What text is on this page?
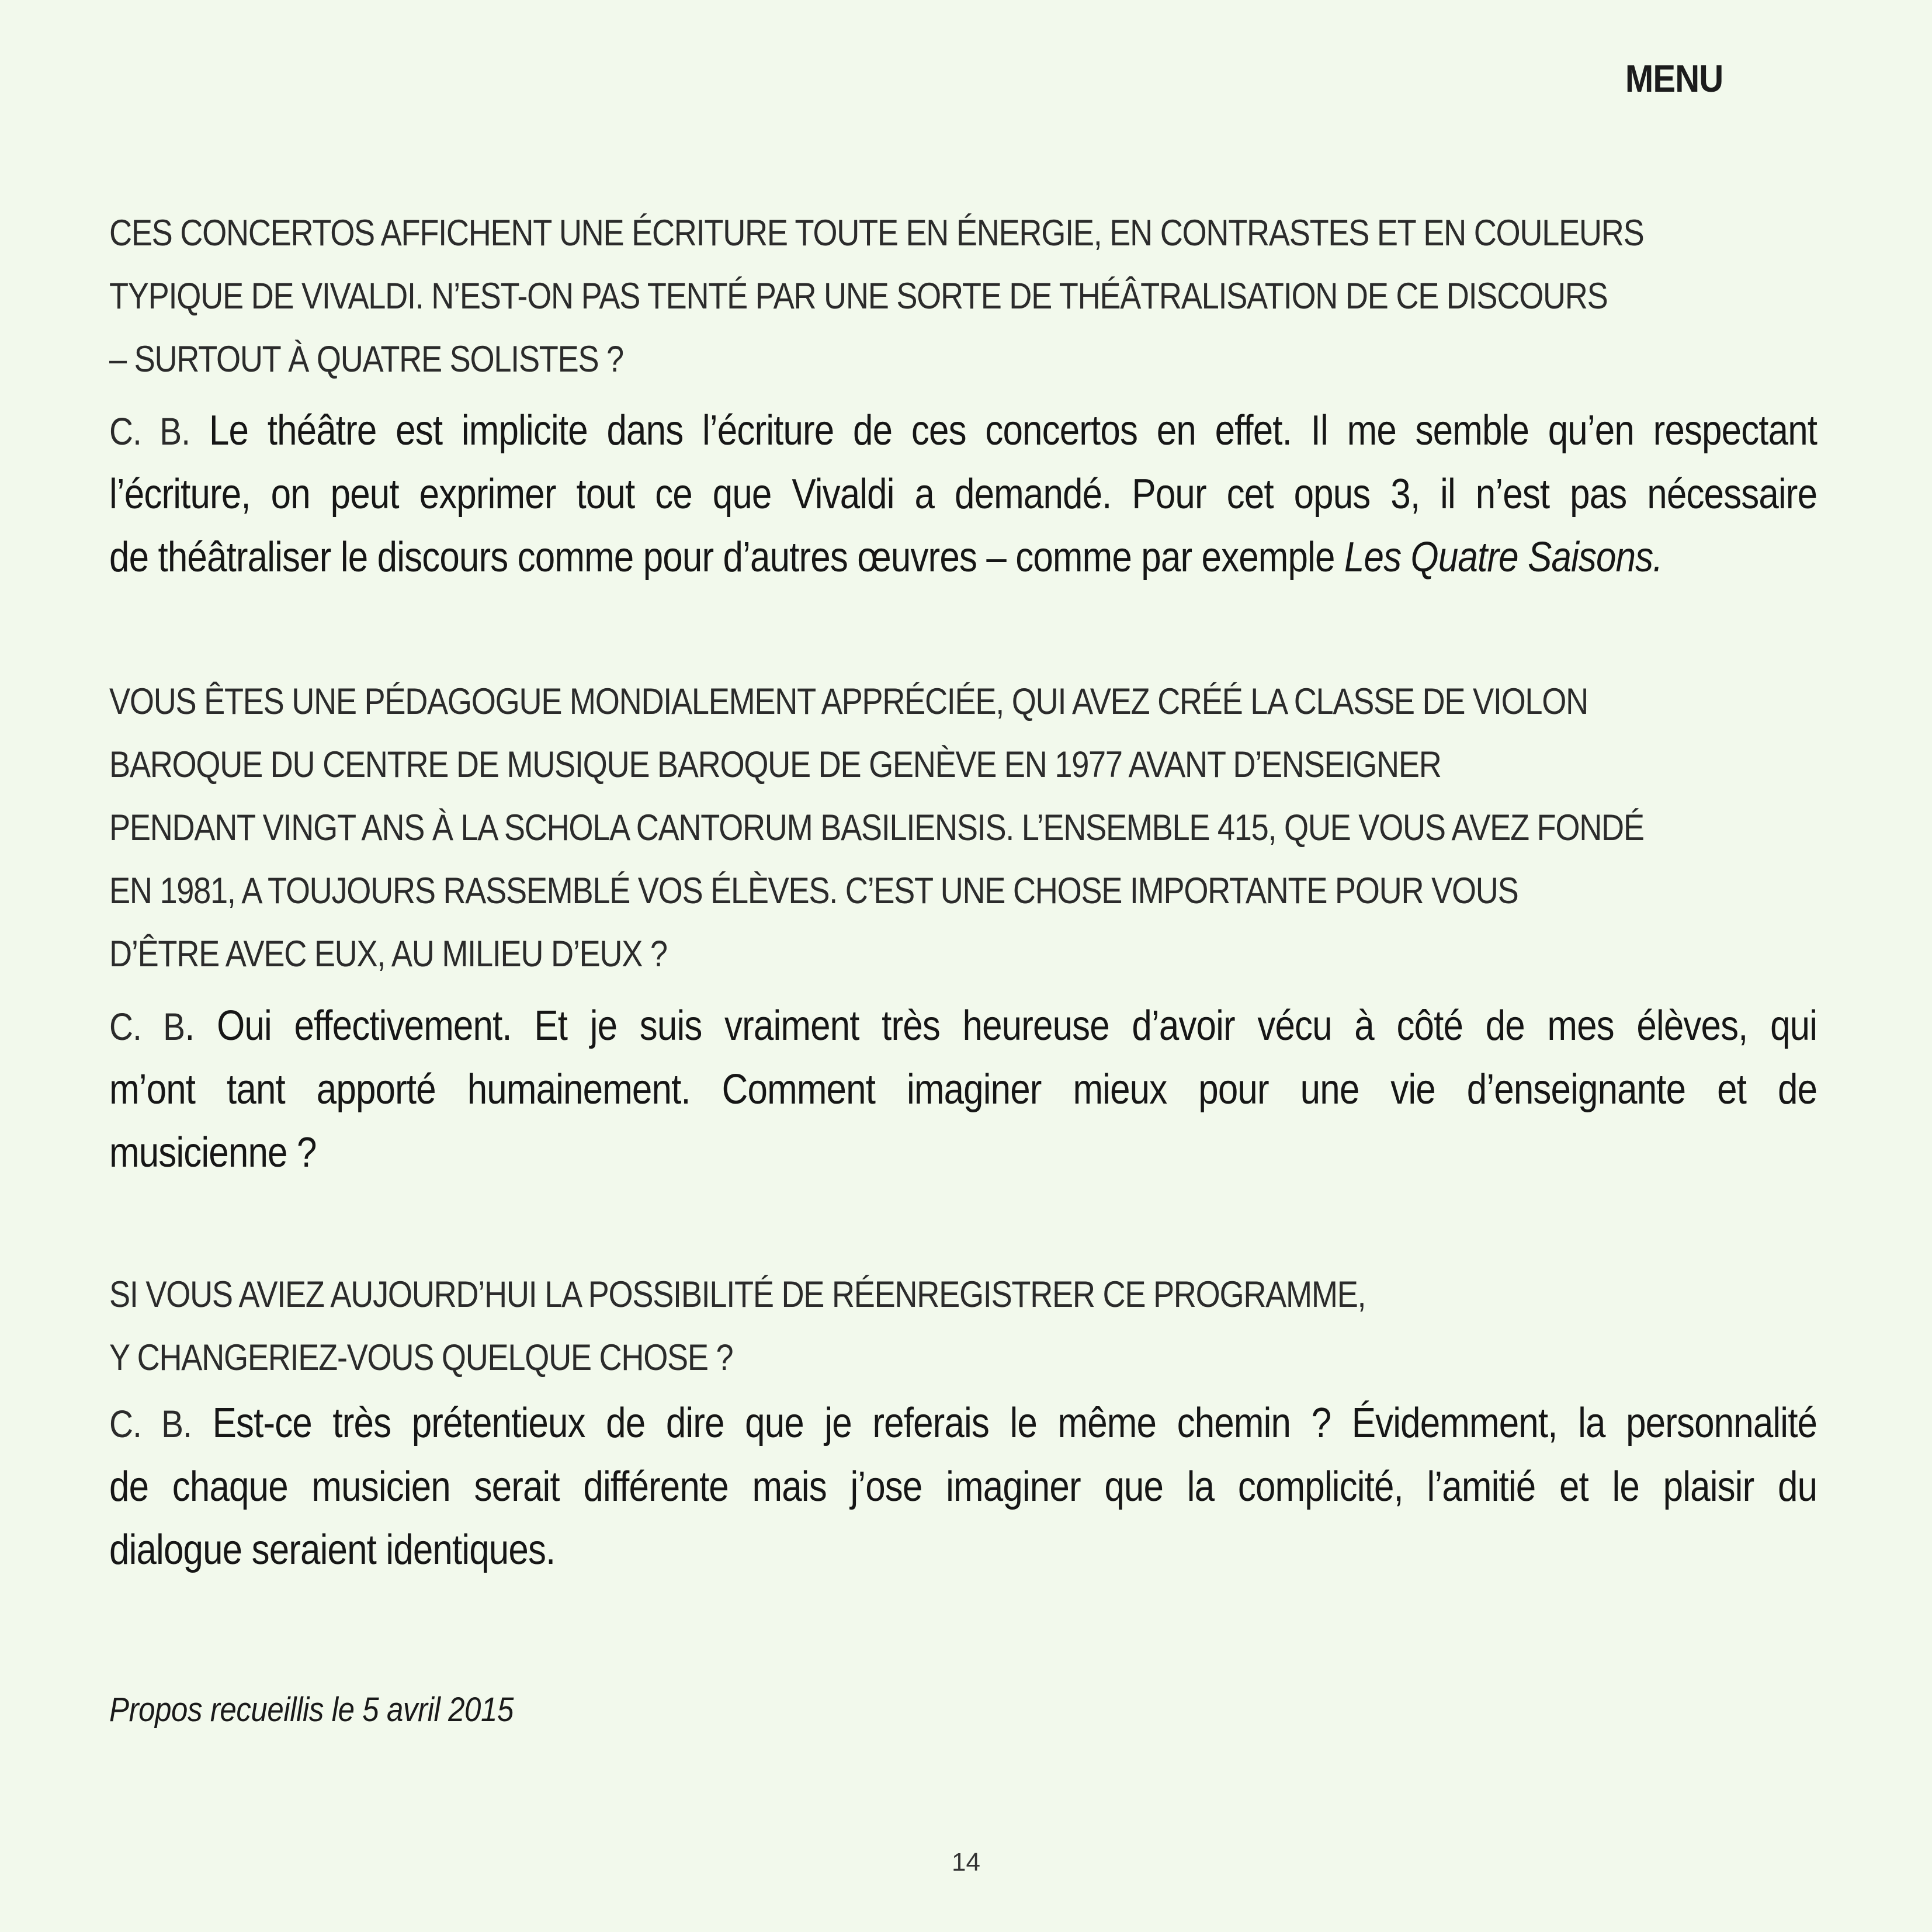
MENU
CES CONCERTOS AFFICHENT UNE ÉCRITURE TOUTE EN ÉNERGIE, EN CONTRASTES ET EN COULEURS
TYPIQUE DE VIVALDI. N’EST-ON PAS TENTÉ PAR UNE SORTE DE THÉÂTRALISATION DE CE DISCOURS
– SURTOUT À QUATRE SOLISTES ?

C. B. Le théâtre est implicite dans l’écriture de ces concertos en effet. Il me semble qu’en respectant
l’écriture, on peut exprimer tout ce que Vivaldi a demandé. Pour cet opus 3, il n’est pas nécessaire
de théâtraliser le discours comme pour d’autres œuvres – comme par exemple Les Quatre Saisons.

VOUS ÊTES UNE PÉDAGOGUE MONDIALEMENT APPRÉCIÉE, QUI AVEZ CRÉÉ LA CLASSE DE VIOLON
BAROQUE DU CENTRE DE MUSIQUE BAROQUE DE GENÈVE EN 1977 AVANT D’ENSEIGNER
PENDANT VINGT ANS À LA SCHOLA CANTORUM BASILIENSIS. L’ENSEMBLE 415, QUE VOUS AVEZ FONDÉ
EN 1981, A TOUJOURS RASSEMBLÉ VOS ÉLÈVES. C’EST UNE CHOSE IMPORTANTE POUR VOUS
D’ÊTRE AVEC EUX, AU MILIEU D’EUX ?

C. B. Oui effectivement. Et je suis vraiment très heureuse d’avoir vécu à côté de mes élèves, qui
m’ont tant apporté humainement. Comment imaginer mieux pour une vie d’enseignante et de
musicienne ?

SI VOUS AVIEZ AUJOURD’HUI LA POSSIBILITÉ DE RÉENREGISTRER CE PROGRAMME,
Y CHANGERIEZ-VOUS QUELQUE CHOSE ?

C. B. Est-ce très prétentieux de dire que je referais le même chemin ? Évidemment, la personnalité
de chaque musicien serait différente mais j’ose imaginer que la complicité, l’amitié et le plaisir du
dialogue seraient identiques.

Propos recueillis le 5 avril 2015
14
